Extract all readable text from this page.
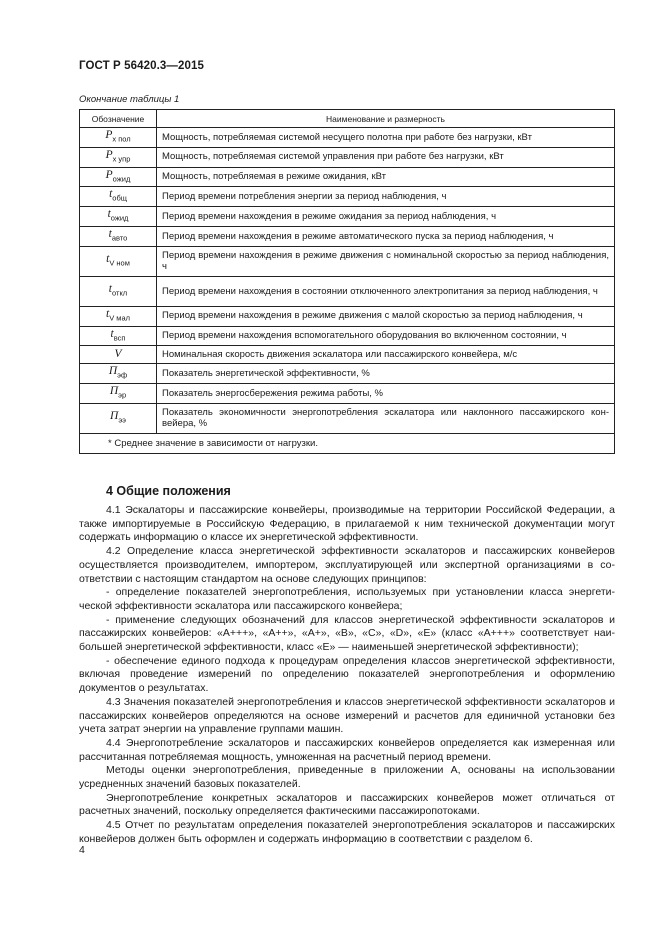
ГОСТ Р 56420.3—2015
Окончание таблицы 1
Обозначение	Наименование и размерность
$P_{х пол}$	Мощность, потребляемая системой несущего полотна при работе без нагрузки, кВт
$P_{х упр}$	Мощность, потребляемая системой управления при работе без нагрузки, кВт
$P_{ожид}$	Мощность, потребляемая в режиме ожидания, кВт
$t_{общ}$	Период времени потребления энергии за период наблюдения, ч
$t_{ожид}$	Период времени нахождения в режиме ожидания за период наблюдения, ч
$t_{авто}$	Период времени нахождения в режиме автоматического пуска за период наблюдения, ч
$t_{V ном}$	Период времени нахождения в режиме движения с номинальной скоростью за период наблюдения, ч
$t_{откл}$	Период времени нахождения в состоянии отключенного электропитания за период наблюдения, ч
$t_{V мал}$	Период времени нахождения в режиме движения с малой скоростью за период наблюдения, ч
$t_{всп}$	Период времени нахождения вспомогательного оборудования во включенном состоянии, ч
V	Номинальная скорость движения эскалатора или пассажирского конвейера, м/с
$П_{эф}$	Показатель энергетической эффективности, %
$П_{эр}$	Показатель энергосбережения режима работы, %
$П_{ээ}$	Показатель экономичности энергопотребления эскалатора или наклонного пассажирского конвейера, %
* Среднее значение в зависимости от нагрузки.	
4 Общие положения

4.1 Эскалаторы и пассажирские конвейеры, производимые на территории Российской Федерации, а также импортируемые в Российскую Федерацию, в прилагаемой к ним технической документации могут содержать информацию о классе их энергетической эффективности.

4.2 Определение класса энергетической эффективности эскалаторов и пассажирских конвейеров осуществляется производителем, импортером, эксплуатирующей или экспертной организациями в соответствии с настоящим стандартом на основе следующих принципов:

- определение показателей энергопотребления, используемых при установлении класса энергетической эффективности эскалатора или пассажирского конвейера;

- применение следующих обозначений для классов энергетической эффективности эскалаторов и пассажирских конвейеров: «A+++», «A++», «A+», «B», «C», «D», «E» (класс «A+++» соответствует наибольшей энергетической эффективности, класс «E» — наименьшей энергетической эффективности);

- обеспечение единого подхода к процедурам определения классов энергетической эффективности, включая проведение измерений по определению показателей энергопотребления и оформлению документов о результатах.

4.3 Значения показателей энергопотребления и классов энергетической эффективности эскалаторов и пассажирских конвейеров определяются на основе измерений и расчетов для единичной установки без учета затрат энергии на управление группами машин.

4.4 Энергопотребление эскалаторов и пассажирских конвейеров определяется как измеренная или рассчитанная потребляемая мощность, умноженная на расчетный период времени.

Методы оценки энергопотребления, приведенные в приложении А, основаны на использовании усредненных значений базовых показателей.

Энергопотребление конкретных эскалаторов и пассажирских конвейеров может отличаться от расчетных значений, поскольку определяется фактическими пассажиропотоками.

4.5 Отчет по результатам определения показателей энергопотребления эскалаторов и пассажирских конвейеров должен быть оформлен и содержать информацию в соответствии с разделом 6.

4
